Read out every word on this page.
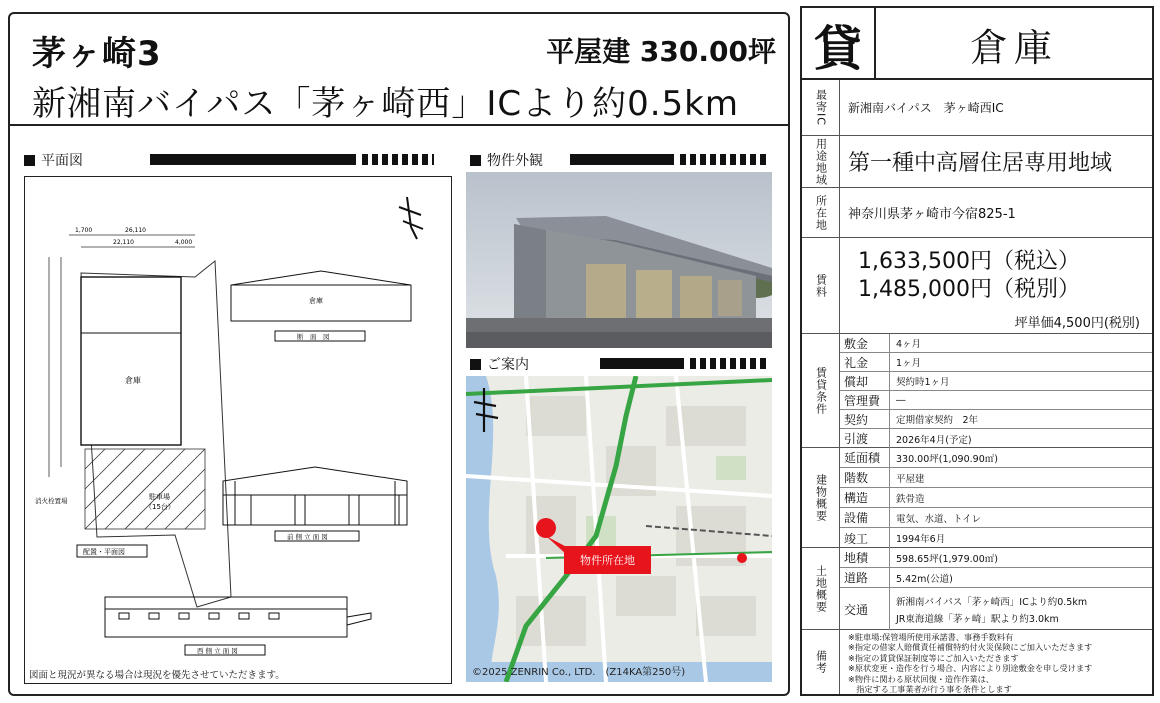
茅ヶ崎3	平屋建 330.00坪
新湘南バイパス「茅ヶ崎西」ICより約0.5km
平面図	物件外観
ご案内
1,700	26,110
22,110	4,000
倉庫
駐車場
（15台）
消火栓置場
配置・平面図
倉庫
断　面　図
前 側 立 面 図
西 側 立 面 図
図面と現況が異なる場合は現況を優先させていただきます。
物件所在地
©2025 ZENRIN Co., LTD.　(Z14KA第250号)
貸	倉庫
最寄IC	新湘南バイパス　茅ヶ崎西IC
用途地域 第一種中高層住居専用地域
所在地	神奈川県茅ヶ崎市今宿825-1
賃料
1,633,500円（税込）
1,485,000円（税別）
坪単価4,500円(税別)
賃貸条件
敷金	4ヶ月
礼金	1ヶ月
償却	契約時1ヶ月
管理費	―
契約	定期借家契約　2年
引渡	2026年4月(予定)
建物概要
延面積	330.00坪(1,090.90㎡)
階数	平屋建
構造	鉄骨造
設備	電気、水道、トイレ
竣工	1994年6月
土地概要
地積	598.65坪(1,979.00㎡)
道路	5.42m(公道)
交通
新湘南バイパス「茅ヶ崎西」ICより約0.5km
JR東海道線「茅ヶ崎」駅より約3.0km
備考
※駐車場:保管場所使用承諾書、事務手数料有
※指定の借家人賠償責任補償特約付火災保険にご加入いただきます
※指定の賃貸保証制度等にご加入いただきます
※原状変更・造作を行う場合、内容により別途敷金を申し受けます
※物件に関わる原状回復・造作作業は、
　指定する工事業者が行う事を条件とします
